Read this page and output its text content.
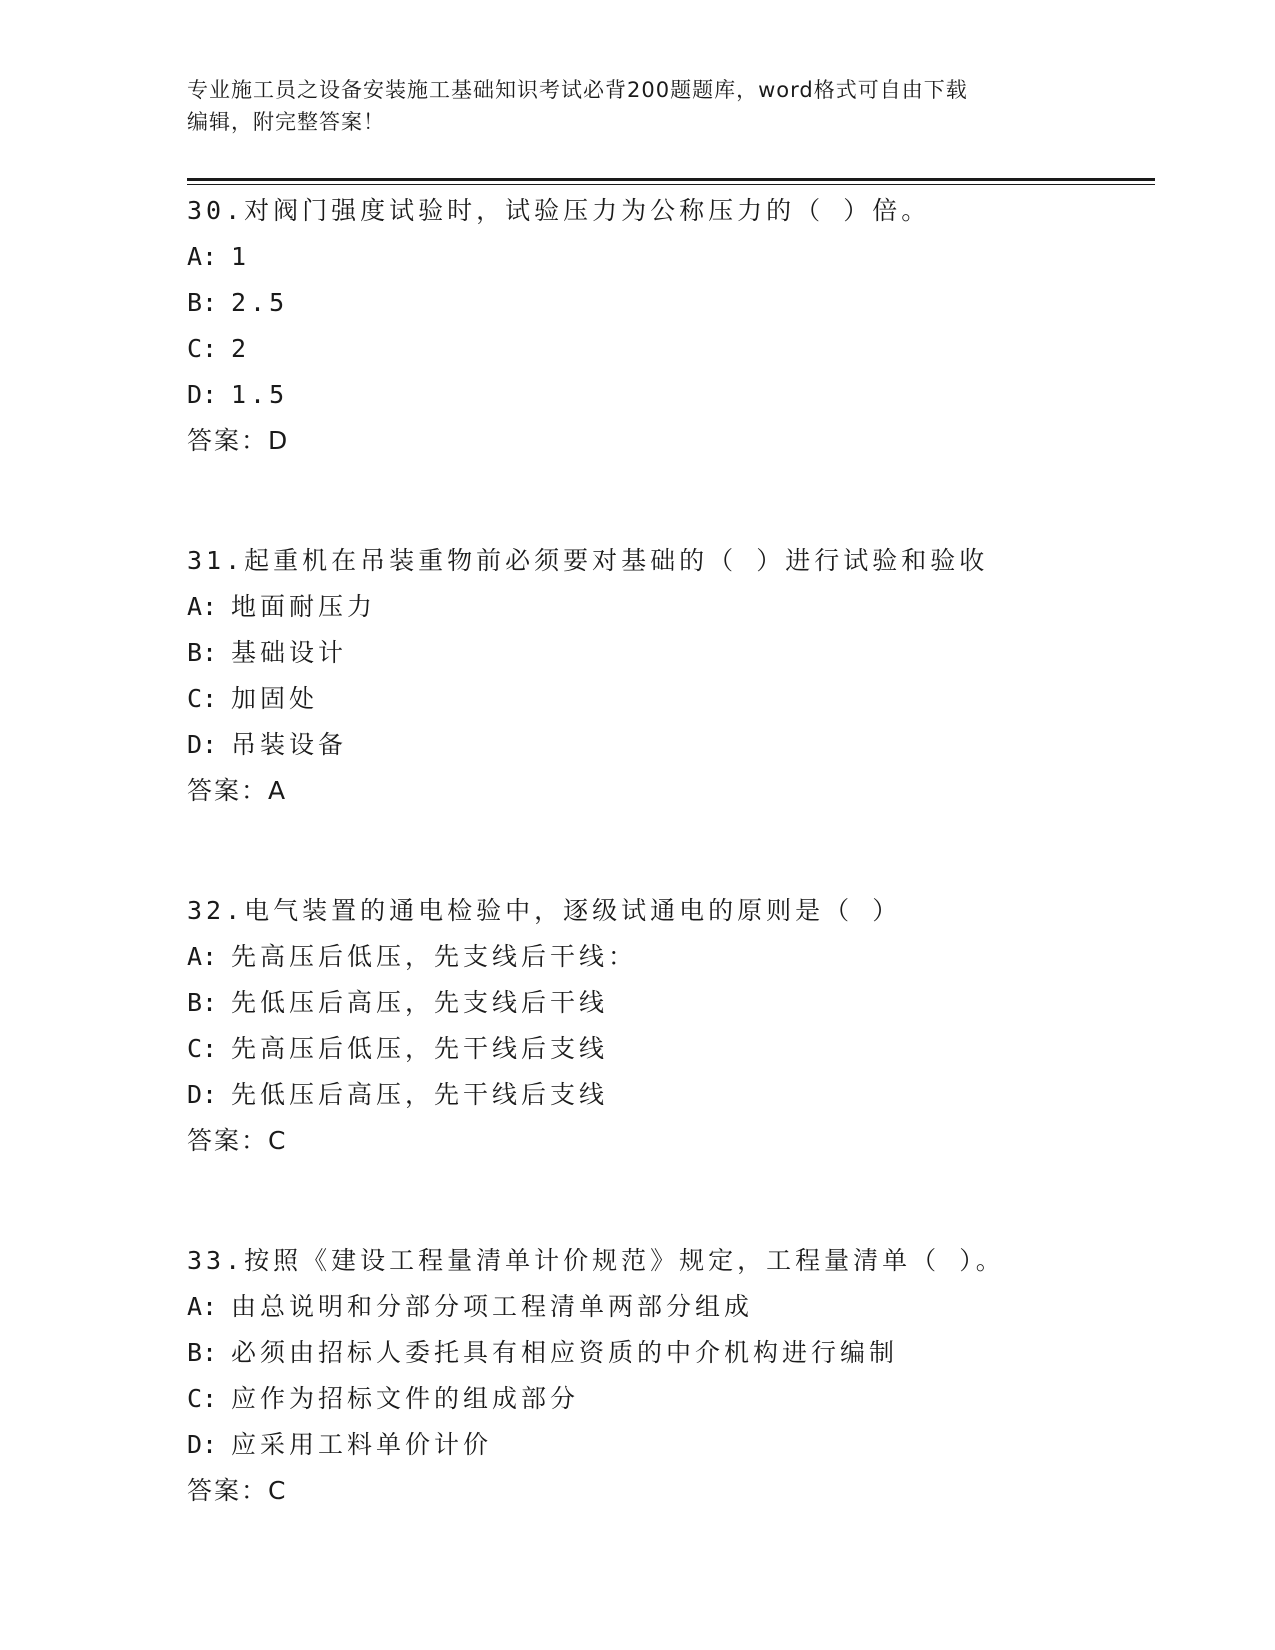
专业施工员之设备安装施工基础知识考试必背200题题库，word格式可自由下载
编辑，附完整答案！
30.对阀门强度试验时，试验压力为公称压力的（ ）倍。
A: 1
B: 2.5
C: 2
D: 1.5
答案：D
31.起重机在吊装重物前必须要对基础的（ ）进行试验和验收
A: 地面耐压力
B: 基础设计
C: 加固处
D: 吊装设备
答案：A
32.电气装置的通电检验中，逐级试通电的原则是（ ）
A: 先高压后低压，先支线后干线：
B: 先低压后高压，先支线后干线
C: 先高压后低压，先干线后支线
D: 先低压后高压，先干线后支线
答案：C
33.按照《建设工程量清单计价规范》规定，工程量清单（ ）。
A: 由总说明和分部分项工程清单两部分组成
B: 必须由招标人委托具有相应资质的中介机构进行编制
C: 应作为招标文件的组成部分
D: 应采用工料单价计价
答案：C
